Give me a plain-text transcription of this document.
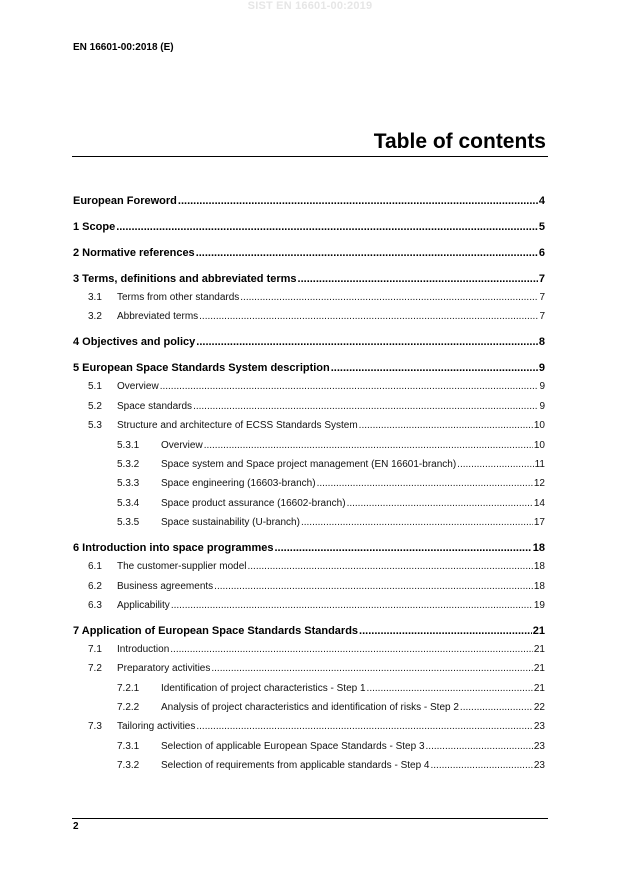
SIST EN 16601-00:2019
EN 16601-00:2018 (E)
Table of contents
European Foreword .....	4
1 Scope .....	5
2 Normative references .....	6
3 Terms, definitions and abbreviated terms .....	7
3.1	Terms from other standards .....	7
3.2	Abbreviated terms .....	7
4 Objectives and policy .....	8
5 European Space Standards System description .....	9
5.1	Overview .....	9
5.2	Space standards .....	9
5.3	Structure and architecture of ECSS Standards System .....	10
5.3.1	Overview .....	10
5.3.2	Space system and Space project management (EN 16601-branch) .....	11
5.3.3	Space engineering (16603-branch) .....	12
5.3.4	Space product assurance (16602-branch) .....	14
5.3.5	Space sustainability (U-branch) .....	17
6 Introduction into space programmes .....	18
6.1	The customer-supplier model .....	18
6.2	Business agreements .....	18
6.3	Applicability .....	19
7 Application of European Space Standards Standards .....	21
7.1	Introduction .....	21
7.2	Preparatory activities .....	21
7.2.1	Identification of project characteristics - Step 1 .....	21
7.2.2	Analysis of project characteristics and identification of risks - Step 2 .....	22
7.3	Tailoring activities .....	23
7.3.1	Selection of applicable European Space Standards - Step 3 .....	23
7.3.2	Selection of requirements from applicable standards - Step 4 .....	23
2
